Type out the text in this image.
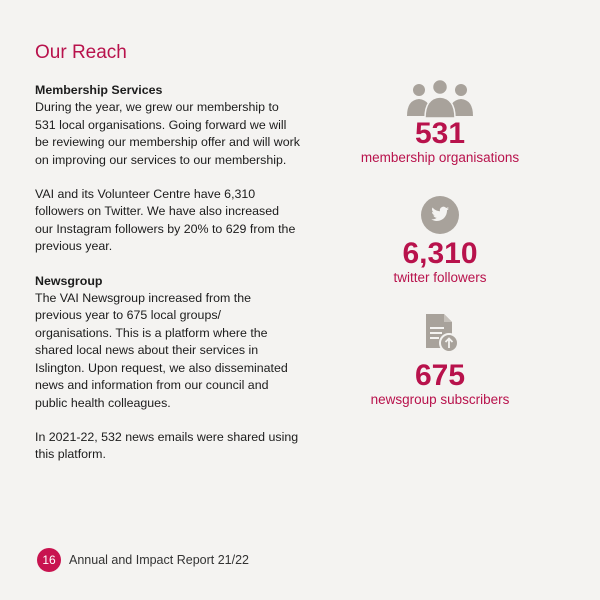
Our Reach

Membership Services
During the year, we grew our membership to 531 local organisations. Going forward we will be reviewing our membership offer and will work on improving our services to our membership.

VAI and its Volunteer Centre have 6,310 followers on Twitter. We have also increased our Instagram followers by 20% to 629 from the previous year.

Newsgroup
The VAI Newsgroup increased from the previous year to 675 local groups/ organisations. This is a platform where the shared local news about their services in Islington. Upon request, we also disseminated news and information from our council and public health colleagues.

In 2021-22, 532 news emails were shared using this platform.

531
membership organisations
6,310
twitter followers
675
newsgroup subscribers
16	Annual and Impact Report 21/22
